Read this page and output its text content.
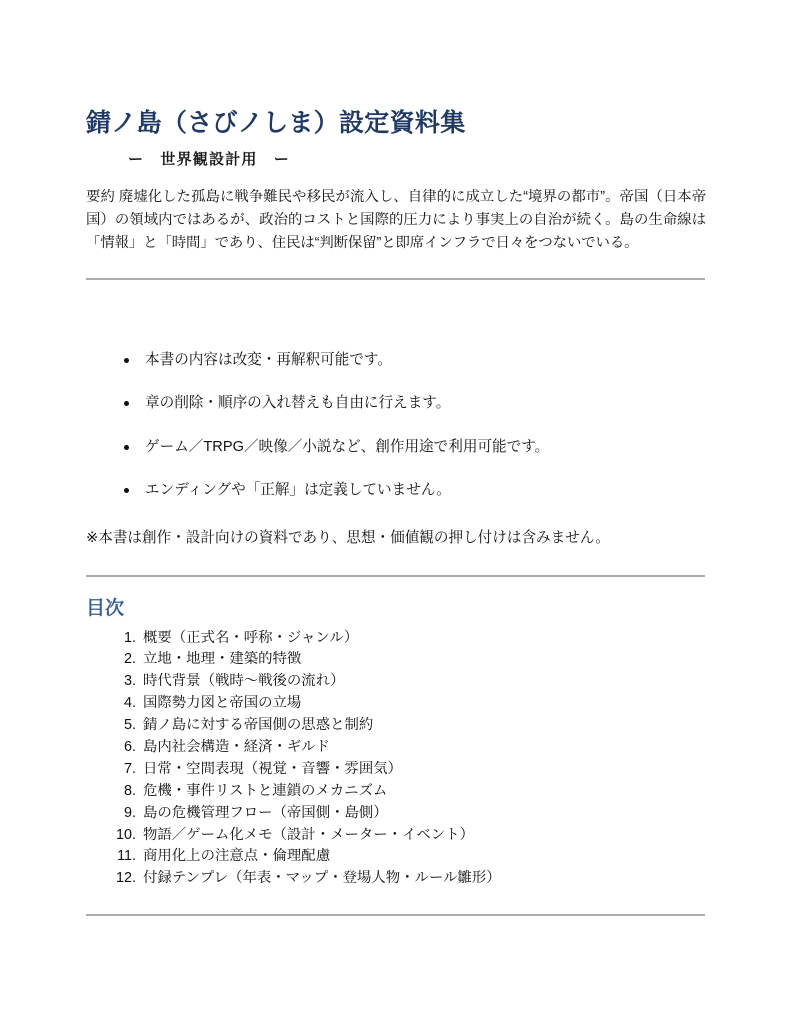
錆ノ島（さびノしま）設定資料集
ー　世界観設計用　ー

要約 廃墟化した孤島に戦争難民や移民が流入し、自律的に成立した“境界の都市”。帝国（日本帝国）の領域内ではあるが、政治的コストと国際的圧力により事実上の自治が続く。島の生命線は「情報」と「時間」であり、住民は“判断保留”と即席インフラで日々をつないでいる。

本書の内容は改変・再解釈可能です。
章の削除・順序の入れ替えも自由に行えます。
ゲーム／TRPG／映像／小説など、創作用途で利用可能です。
エンディングや「正解」は定義していません。

※本書は創作・設計向けの資料であり、思想・価値観の押し付けは含みません。

目次
1. 概要（正式名・呼称・ジャンル）
2. 立地・地理・建築的特徴
3. 時代背景（戦時〜戦後の流れ）
4. 国際勢力図と帝国の立場
5. 錆ノ島に対する帝国側の思惑と制約
6. 島内社会構造・経済・ギルド
7. 日常・空間表現（視覚・音響・雰囲気）
8. 危機・事件リストと連鎖のメカニズム
9. 島の危機管理フロー（帝国側・島側）
10. 物語／ゲーム化メモ（設計・メーター・イベント）
11. 商用化上の注意点・倫理配慮
12. 付録テンプレ（年表・マップ・登場人物・ルール雛形）
